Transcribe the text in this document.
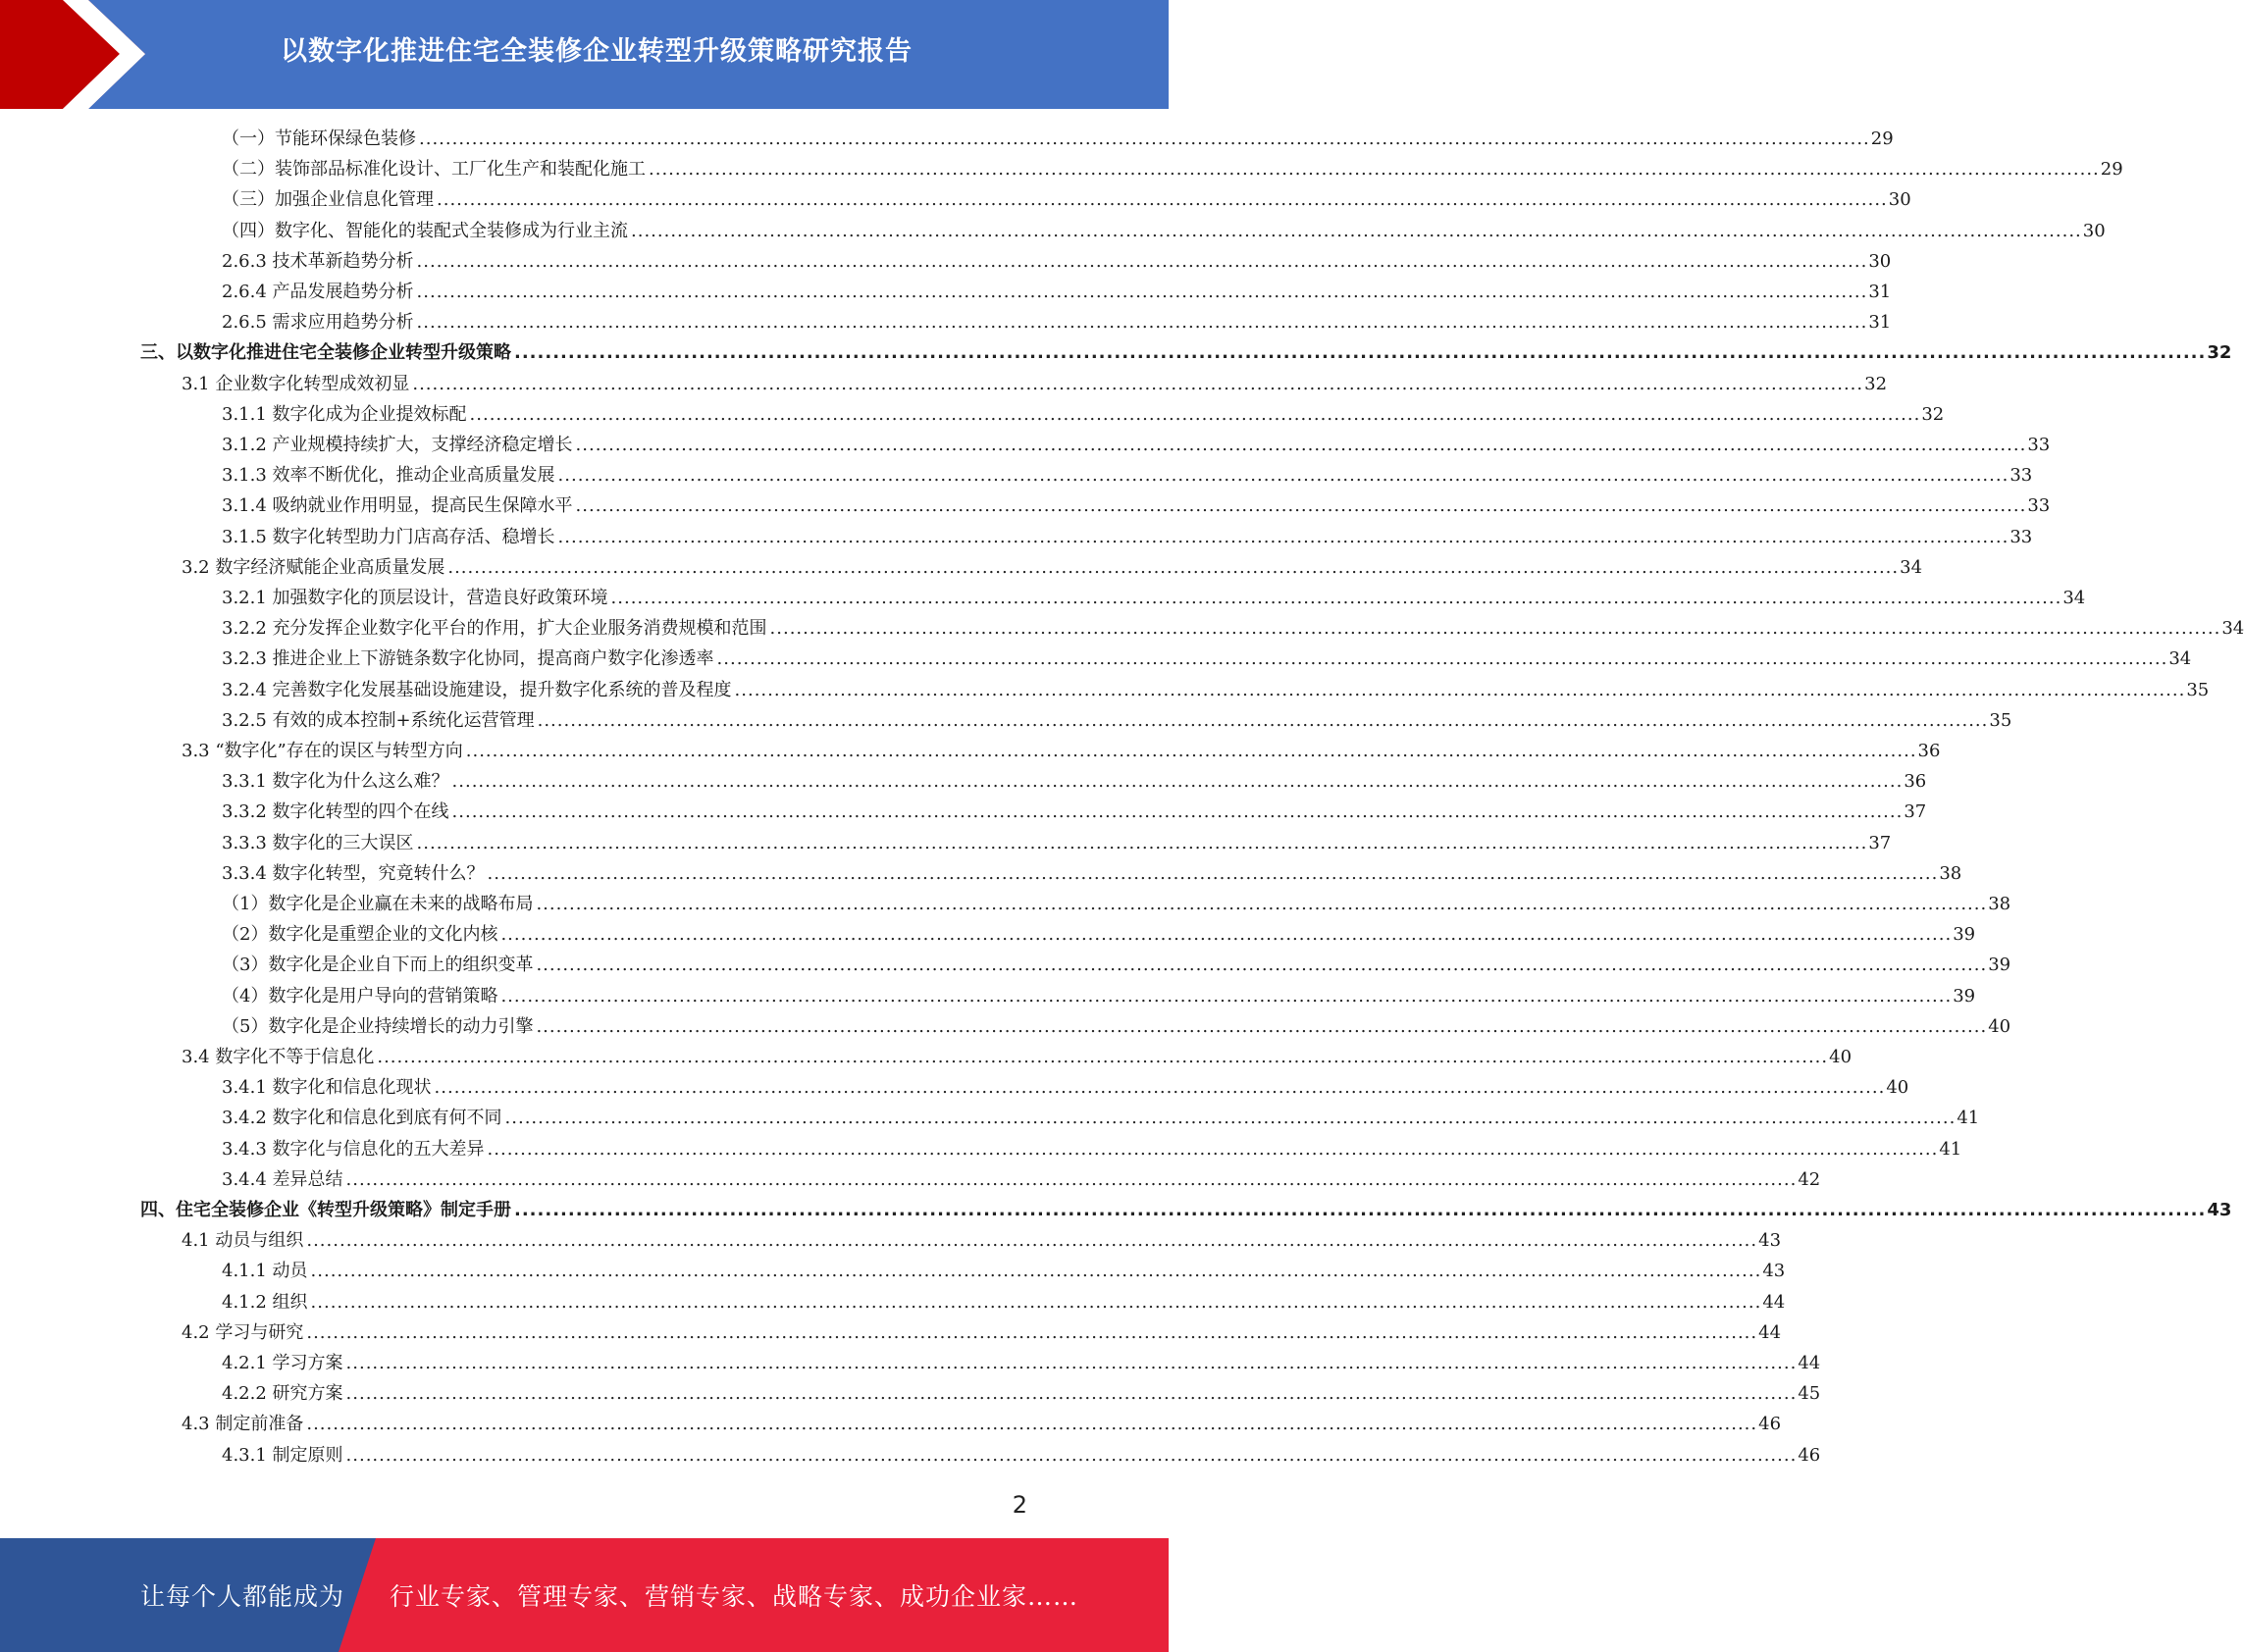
以数字化推进住宅全装修企业转型升级策略研究报告
（一）节能环保绿色装修 ............................................................................................................................................................................................................................ 29
（二）装饰部品标准化设计、工厂化生产和装配化施工 ............................................................................................................................................................................................................................ 29
（三）加强企业信息化管理 ............................................................................................................................................................................................................................ 30
（四）数字化、智能化的装配式全装修成为行业主流 ............................................................................................................................................................................................................................ 30
2.6.3 技术革新趋势分析 ............................................................................................................................................................................................................................ 30
2.6.4 产品发展趋势分析 ............................................................................................................................................................................................................................ 31
2.6.5 需求应用趋势分析 ............................................................................................................................................................................................................................ 31
三、以数字化推进住宅全装修企业转型升级策略 ............................................................................................................................................................................................................................ 32
3.1 企业数字化转型成效初显 ............................................................................................................................................................................................................................ 32
3.1.1 数字化成为企业提效标配 ............................................................................................................................................................................................................................ 32
3.1.2 产业规模持续扩大，支撑经济稳定增长 ............................................................................................................................................................................................................................ 33
3.1.3 效率不断优化，推动企业高质量发展 ............................................................................................................................................................................................................................ 33
3.1.4 吸纳就业作用明显，提高民生保障水平 ............................................................................................................................................................................................................................ 33
3.1.5 数字化转型助力门店高存活、稳增长 ............................................................................................................................................................................................................................ 33
3.2 数字经济赋能企业高质量发展 ............................................................................................................................................................................................................................ 34
3.2.1 加强数字化的顶层设计，营造良好政策环境 ............................................................................................................................................................................................................................ 34
3.2.2 充分发挥企业数字化平台的作用，扩大企业服务消费规模和范围 ............................................................................................................................................................................................................................ 34
3.2.3 推进企业上下游链条数字化协同，提高商户数字化渗透率 ............................................................................................................................................................................................................................ 34
3.2.4 完善数字化发展基础设施建设，提升数字化系统的普及程度 ............................................................................................................................................................................................................................ 35
3.2.5 有效的成本控制+系统化运营管理 ............................................................................................................................................................................................................................ 35
3.3 “数字化”存在的误区与转型方向 ............................................................................................................................................................................................................................ 36
3.3.1 数字化为什么这么难？ ............................................................................................................................................................................................................................ 36
3.3.2 数字化转型的四个在线 ............................................................................................................................................................................................................................ 37
3.3.3 数字化的三大误区 ............................................................................................................................................................................................................................ 37
3.3.4 数字化转型，究竟转什么？ ............................................................................................................................................................................................................................ 38
（1）数字化是企业赢在未来的战略布局 ............................................................................................................................................................................................................................ 38
（2）数字化是重塑企业的文化内核 ............................................................................................................................................................................................................................ 39
（3）数字化是企业自下而上的组织变革 ............................................................................................................................................................................................................................ 39
（4）数字化是用户导向的营销策略 ............................................................................................................................................................................................................................ 39
（5）数字化是企业持续增长的动力引擎 ............................................................................................................................................................................................................................ 40
3.4 数字化不等于信息化 ............................................................................................................................................................................................................................ 40
3.4.1 数字化和信息化现状 ............................................................................................................................................................................................................................ 40
3.4.2 数字化和信息化到底有何不同 ............................................................................................................................................................................................................................ 41
3.4.3 数字化与信息化的五大差异 ............................................................................................................................................................................................................................ 41
3.4.4 差异总结 ............................................................................................................................................................................................................................ 42
四、住宅全装修企业《转型升级策略》制定手册 ............................................................................................................................................................................................................................ 43
4.1 动员与组织 ............................................................................................................................................................................................................................ 43
4.1.1 动员 ............................................................................................................................................................................................................................ 43
4.1.2 组织 ............................................................................................................................................................................................................................ 44
4.2 学习与研究 ............................................................................................................................................................................................................................ 44
4.2.1 学习方案 ............................................................................................................................................................................................................................ 44
4.2.2 研究方案 ............................................................................................................................................................................................................................ 45
4.3 制定前准备 ............................................................................................................................................................................................................................ 46
4.3.1 制定原则 ............................................................................................................................................................................................................................ 46
2
让每个人都能成为 行业专家、管理专家、营销专家、战略专家、成功企业家……
